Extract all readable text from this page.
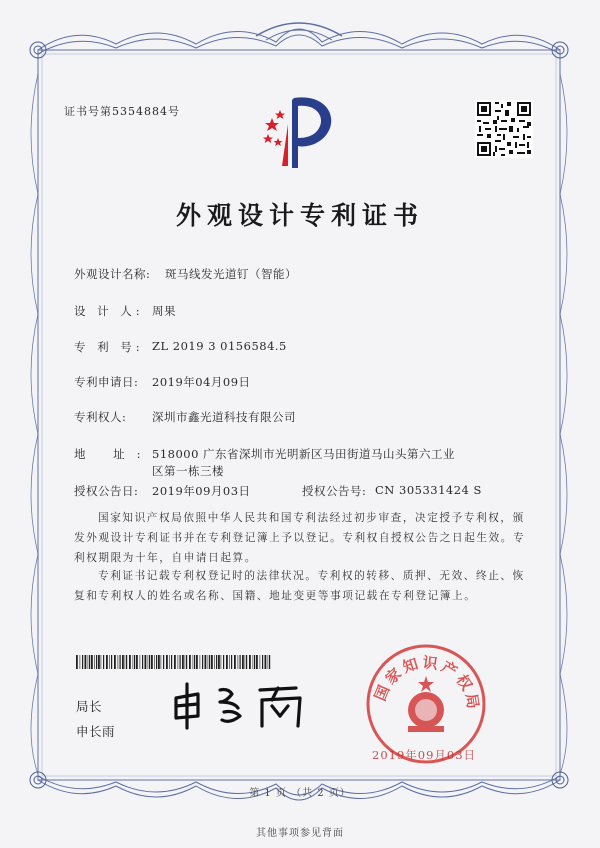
证书号第5354884号
外观设计专利证书
外观设计名称: 斑马线发光道钉（智能）
设 计 人: 周果
专 利 号: ZL 2019 3 0156584.5
专利申请日: 2019年04月09日
专利权人: 深圳市鑫光道科技有限公司
地 址: 518000 广东省深圳市光明新区马田街道马山头第六工业
区第一栋三楼
授权公告日: 2019年09月03日	授权公告号: CN 305331424 S
国家知识产权局依照中华人民共和国专利法经过初步审查，决定授予专利权，颁发外观设计专利证书并在专利登记簿上予以登记。专利权自授权公告之日起生效。专利权期限为十年，自申请日起算。
专利证书记载专利权登记时的法律状况。专利权的转移、质押、无效、终止、恢复和专利权人的姓名或名称、国籍、地址变更等事项记载在专利登记簿上。
局长
申长雨
国家知识产权局
2019年09月03日
第 1 页 （共 2 页）
其他事项参见背面
